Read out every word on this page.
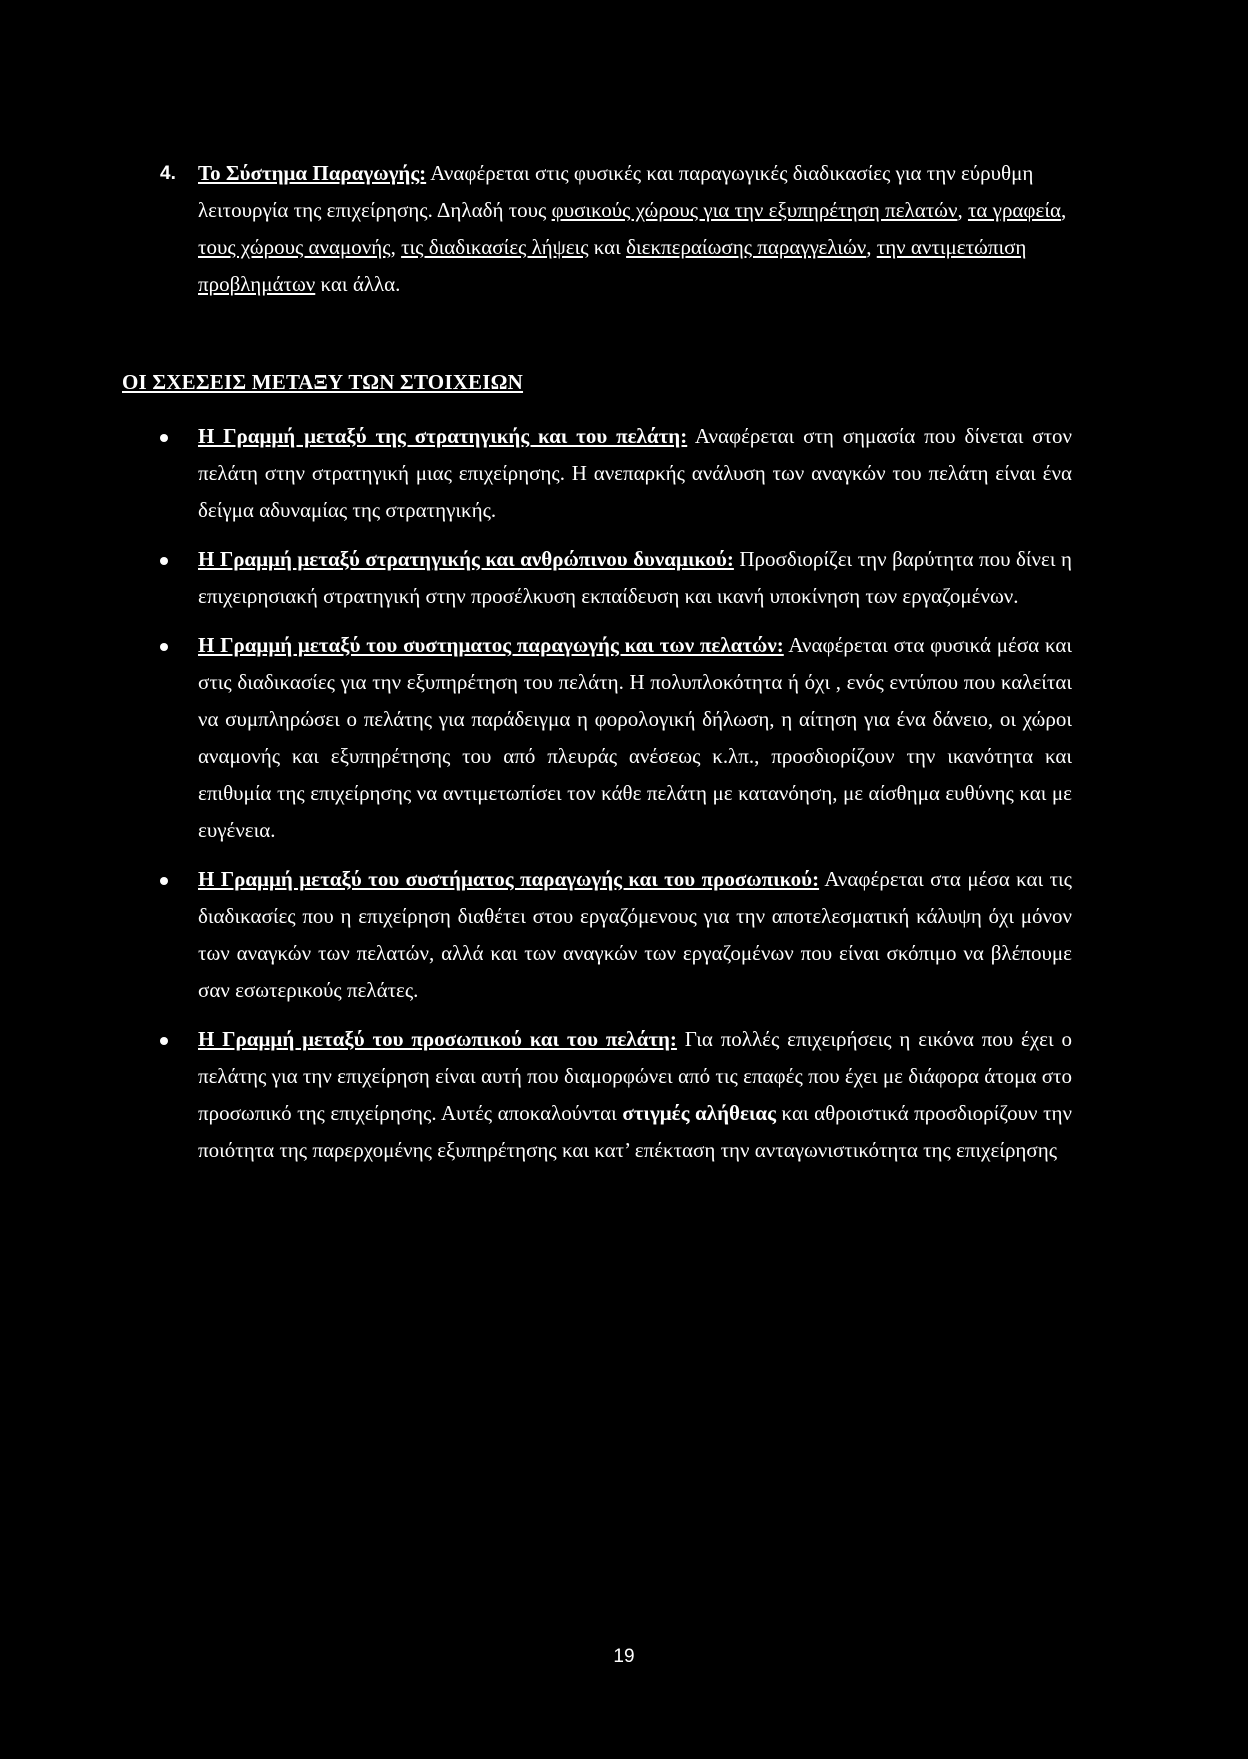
4. Το Σύστημα Παραγωγής: Αναφέρεται στις φυσικές και παραγωγικές διαδικασίες για την εύρυθμη λειτουργία της επιχείρησης. Δηλαδή τους φυσικούς χώρους για την εξυπηρέτηση πελατών, τα γραφεία, τους χώρους αναμονής, τις διαδικασίες λήψεις και διεκπεραίωσης παραγγελιών, την αντιμετώπιση προβλημάτων και άλλα.
ΟΙ ΣΧΕΣΕΙΣ ΜΕΤΑΞΥ ΤΩΝ ΣΤΟΙΧΕΙΩΝ
Η Γραμμή μεταξύ της στρατηγικής και του πελάτη: Αναφέρεται στη σημασία που δίνεται στον πελάτη στην στρατηγική μιας επιχείρησης. Η ανεπαρκής ανάλυση των αναγκών του πελάτη είναι ένα δείγμα αδυναμίας της στρατηγικής.
Η Γραμμή μεταξύ στρατηγικής και ανθρώπινου δυναμικού: Προσδιορίζει την βαρύτητα που δίνει η επιχειρησιακή στρατηγική στην προσέλκυση εκπαίδευση και ικανή υποκίνηση των εργαζομένων.
Η Γραμμή μεταξύ του συστηματος παραγωγής και των πελατών: Αναφέρεται στα φυσικά μέσα και στις διαδικασίες για την εξυπηρέτηση του πελάτη. Η πολυπλοκότητα ή όχι , ενός εντύπου που καλείται να συμπληρώσει ο πελάτης για παράδειγμα η φορολογική δήλωση, η αίτηση για ένα δάνειο, οι χώροι αναμονής και εξυπηρέτησης του από πλευράς ανέσεως κ.λπ., προσδιορίζουν την ικανότητα και επιθυμία της επιχείρησης να αντιμετωπίσει τον κάθε πελάτη με κατανόηση, με αίσθημα ευθύνης και με ευγένεια.
Η Γραμμή μεταξύ του συστήματος παραγωγής και του προσωπικού: Αναφέρεται στα μέσα και τις διαδικασίες που η επιχείρηση διαθέτει στου εργαζόμενους για την αποτελεσματική κάλυψη όχι μόνον των αναγκών των πελατών, αλλά και των αναγκών των εργαζομένων που είναι σκόπιμο να βλέπουμε σαν εσωτερικούς πελάτες.
Η Γραμμή μεταξύ του προσωπικού και του πελάτη: Για πολλές επιχειρήσεις η εικόνα που έχει ο πελάτης για την επιχείρηση είναι αυτή που διαμορφώνει από τις επαφές που έχει με διάφορα άτομα στο προσωπικό της επιχείρησης. Αυτές αποκαλούνται στιγμές αλήθειας και αθροιστικά προσδιορίζουν την ποιότητα της παρερχομένης εξυπηρέτησης και κατ’ επέκταση την ανταγωνιστικότητα της επιχείρησης
19
